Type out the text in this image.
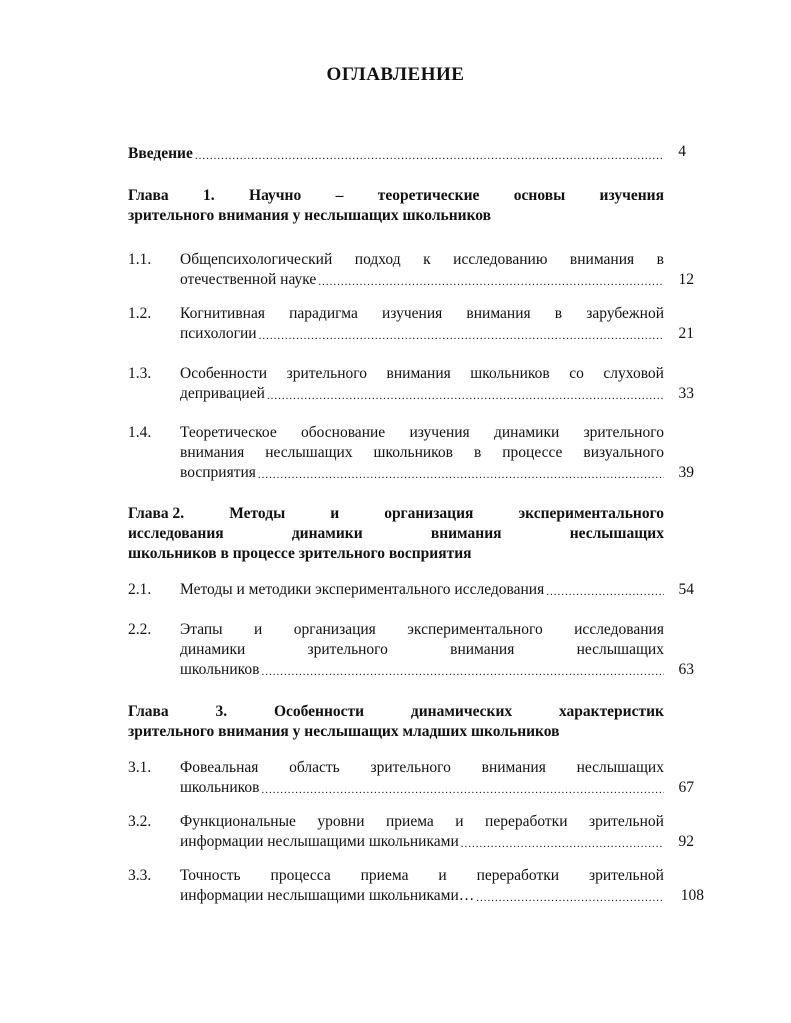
ОГЛАВЛЕНИЕ
Введение .....	4
Глава 1. Научно – теоретические основы изучения
зрительного внимания у неслышащих школьников
1.1. Общепсихологический подход к исследованию внимания в
отечественной науке .....	12
1.2. Когнитивная парадигма изучения внимания в зарубежной
психологии .....	21
1.3. Особенности зрительного внимания школьников со слуховой
депривацией .....	33
1.4. Теоретическое обоснование изучения динамики зрительного
внимания неслышащих школьников в процессе визуального
восприятия .....	39
Глава 2.	Методы	и	организация	экспериментального
исследования	динамики	внимания	неслышащих
школьников в процессе зрительного восприятия
2.1. Методы и методики экспериментального исследования .....	54
2.2. Этапы и организация экспериментального исследования
динамики	зрительного	внимания	неслышащих
школьников .....	63
Глава	3.	Особенности	динамических	характеристик
зрительного внимания у неслышащих младших школьников
3.1. Фовеальная область зрительного внимания неслышащих
школьников .....	67
3.2. Функциональные уровни приема и переработки зрительной
информации неслышащими школьниками .....	92
3.3. Точность процесса приема и переработки зрительной
информации неслышащими школьниками… .....	108
